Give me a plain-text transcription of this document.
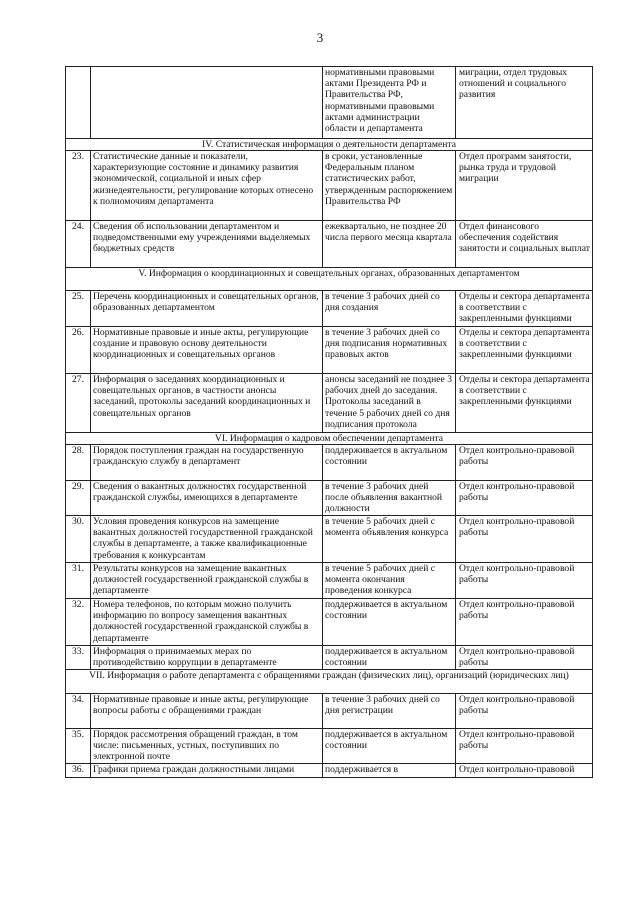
3
		нормативными правовыми актами Президента РФ и Правительства РФ, нормативными правовыми актами администрации области и департамента	миграции, отдел трудовых отношений и социального развития
IV. Статистическая информация о деятельности департамента			
23.	Статистические данные и показатели, характеризующие состояние и динамику развития экономической, социальной и иных сфер жизнедеятельности, регулирование которых отнесено к полномочиям департамента	в сроки, установленные Федеральным планом статистических работ, утвержденным распоряжением Правительства РФ	Отдел программ занятости, рынка труда и трудовой миграции
24.	Сведения об использовании департаментом и подведомственными ему учреждениями выделяемых бюджетных средств	ежеквартально, не позднее 20 числа первого месяца квартала	Отдел финансового обеспечения содействия занятости и социальных выплат
V. Информация о координационных и совещательных органах, образованных департаментом			
25.	Перечень координационных и совещательных органов, образованных департаментом	в течение 3 рабочих дней со дня создания	Отделы и сектора департамента в соответствии с закрепленными функциями
26.	Нормативные правовые и иные акты, регулирующие создание и правовую основу деятельности координационных и совещательных органов	в течение 3 рабочих дней со дня подписания нормативных правовых актов	Отделы и сектора департамента в соответствии с закрепленными функциями
27.	Информация о заседаниях координационных и совещательных органов, в частности анонсы заседаний, протоколы заседаний координационных и совещательных органов	анонсы заседаний не позднее 3 рабочих дней до заседания. Протоколы заседаний в течение 5 рабочих дней со дня подписания протокола	Отделы и сектора департамента в соответствии с закрепленными функциями
VI. Информация о кадровом обеспечении департамента			
28.	Порядок поступления граждан на государственную гражданскую службу в департамент	поддерживается в актуальном состоянии	Отдел контрольно-правовой работы
29.	Сведения о вакантных должностях государственной гражданской службы, имеющихся в департаменте	в течение 3 рабочих дней после объявления вакантной должности	Отдел контрольно-правовой работы
30.	Условия проведения конкурсов на замещение вакантных должностей государственной гражданской службы в департаменте, а также квалификационные требования к конкурсантам	в течение 5 рабочих дней с момента объявления конкурса	Отдел контрольно-правовой работы
31.	Результаты конкурсов на замещение вакантных должностей государственной гражданской службы в департаменте	в течение 5 рабочих дней с момента окончания проведения конкурса	Отдел контрольно-правовой работы
32.	Номера телефонов, по которым можно получить информацию по вопросу замещения вакантных должностей государственной гражданской службы в департаменте	поддерживается в актуальном состоянии	Отдел контрольно-правовой работы
33.	Информация о принимаемых мерах по противодействию коррупции в департаменте	поддерживается в актуальном состоянии	Отдел контрольно-правовой работы
VII. Информация о работе департамента с обращениями граждан (физических лиц), организаций (юридических лиц)			
34.	Нормативные правовые и иные акты, регулирующие вопросы работы с обращениями граждан	в течение 3 рабочих дней со дня регистрации	Отдел контрольно-правовой работы
35.	Порядок рассмотрения обращений граждан, в том числе: письменных, устных, поступивших по электронной почте	поддерживается в актуальном состоянии	Отдел контрольно-правовой работы
36.	Графики приема граждан должностными лицами	поддерживается в	Отдел контрольно-правовой
